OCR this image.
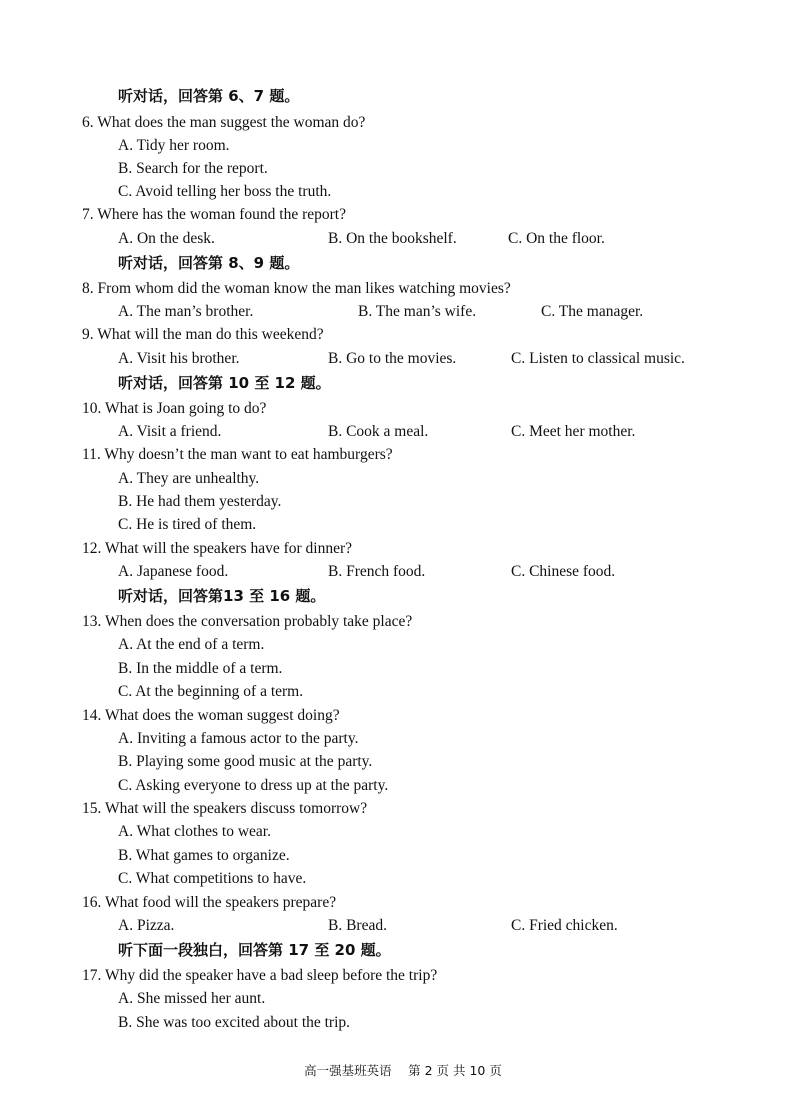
听对话，回答第 6、7 题。
6. What does the man suggest the woman do?
A. Tidy her room.
B. Search for the report.
C. Avoid telling her boss the truth.
7. Where has the woman found the report?
A. On the desk.	B. On the bookshelf.	C. On the floor.
听对话，回答第 8、9 题。
8. From whom did the woman know the man likes watching movies?
A. The man’s brother.	B. The man’s wife.	C. The manager.
9. What will the man do this weekend?
A. Visit his brother.	B. Go to the movies.	C. Listen to classical music.
听对话，回答第 10 至 12 题。
10. What is Joan going to do?
A. Visit a friend.	B. Cook a meal.	C. Meet her mother.
11. Why doesn’t the man want to eat hamburgers?
A. They are unhealthy.
B. He had them yesterday.
C. He is tired of them.
12. What will the speakers have for dinner?
A. Japanese food.	B. French food.	C. Chinese food.
听对话，回答第13 至 16 题。
13. When does the conversation probably take place?
A. At the end of a term.
B. In the middle of a term.
C. At the beginning of a term.
14. What does the woman suggest doing?
A. Inviting a famous actor to the party.
B. Playing some good music at the party.
C. Asking everyone to dress up at the party.
15. What will the speakers discuss tomorrow?
A. What clothes to wear.
B. What games to organize.
C. What competitions to have.
16. What food will the speakers prepare?
A. Pizza.	B. Bread.	C. Fried chicken.
听下面一段独白，回答第 17 至 20 题。
17. Why did the speaker have a bad sleep before the trip?
A. She missed her aunt.
B. She was too excited about the trip.
高一强基班英语　 第 2 页 共 10 页
